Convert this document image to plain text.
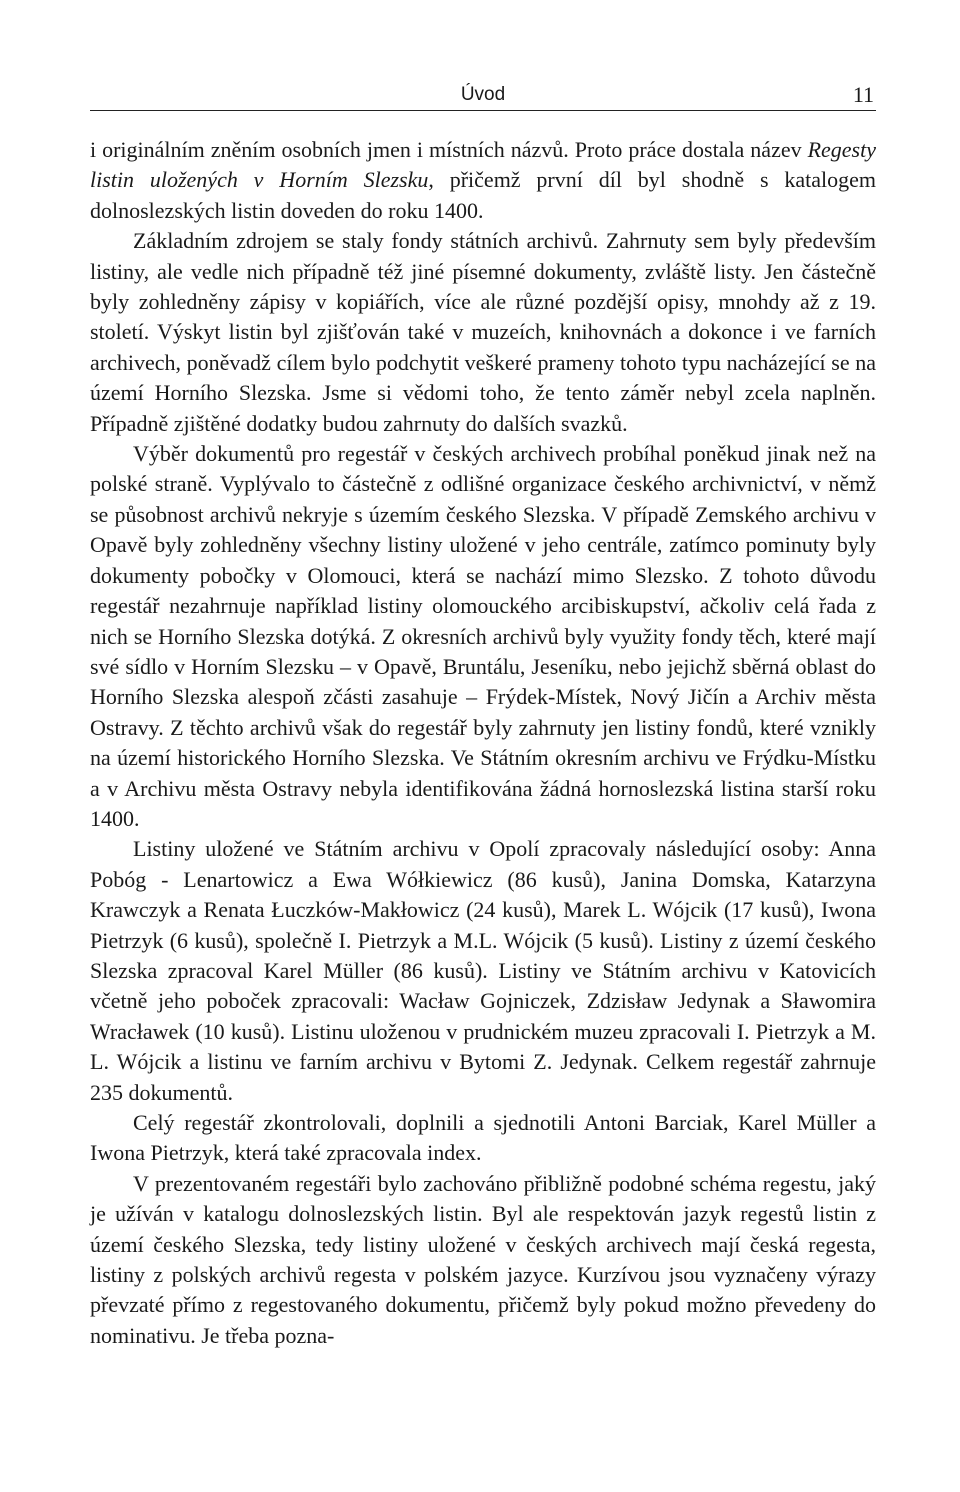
Úvod	11

i originálním zněním osobních jmen i místních názvů. Proto práce dostala název Regesty listin uložených v Horním Slezsku, přičemž první díl byl shodně s katalogem dolnoslezských listin doveden do roku 1400.

Základním zdrojem se staly fondy státních archivů. Zahrnuty sem byly především listiny, ale vedle nich případně též jiné písemné dokumenty, zvláště listy. Jen částečně byly zohledněny zápisy v kopiářích, více ale různé pozdější opisy, mnohdy až z 19. století. Výskyt listin byl zjišťován také v muzeích, knihovnách a dokonce i ve farních archivech, poněvadž cílem bylo podchytit veškeré prameny tohoto typu nacházející se na území Horního Slezska. Jsme si vědomi toho, že tento záměr nebyl zcela naplněn. Případně zjištěné dodatky budou zahrnuty do dalších svazků.

Výběr dokumentů pro regestář v českých archivech probíhal poněkud jinak než na polské straně. Vyplývalo to částečně z odlišné organizace českého archivnictví, v němž se působnost archivů nekryje s územím českého Slezska. V případě Zemského archivu v Opavě byly zohledněny všechny listiny uložené v jeho centrále, zatímco pominuty byly dokumenty pobočky v Olomouci, která se nachází mimo Slezsko. Z tohoto důvodu regestář nezahrnuje například listiny olomouckého arcibiskupství, ačkoliv celá řada z nich se Horního Slezska dotýká. Z okresních archivů byly využity fondy těch, které mají své sídlo v Horním Slezsku – v Opavě, Bruntálu, Jeseníku, nebo jejichž sběrná oblast do Horního Slezska alespoň zčásti zasahuje – Frýdek-Místek, Nový Jičín a Archiv města Ostravy. Z těchto archivů však do regestář byly zahrnuty jen listiny fondů, které vznikly na území historického Horního Slezska. Ve Státním okresním archivu ve Frýdku-Místku a v Archivu města Ostravy nebyla identifikována žádná hornoslezská listina starší roku 1400.

Listiny uložené ve Státním archivu v Opolí zpracovaly následující osoby: Anna Pobóg - Lenartowicz a Ewa Wółkiewicz (86 kusů), Janina Domska, Katarzyna Krawczyk a Renata Łuczków-Makłowicz (24 kusů), Marek L. Wójcik (17 kusů), Iwona Pietrzyk (6 kusů), společně I. Pietrzyk a M.L. Wójcik (5 kusů). Listiny z území českého Slezska zpracoval Karel Müller (86 kusů). Listiny ve Státním archivu v Katovicích včetně jeho poboček zpracovali: Wacław Gojniczek, Zdzisław Jedynak a Sławomira Wracławek (10 kusů). Listinu uloženou v prudnickém muzeu zpracovali I. Pietrzyk a M. L. Wójcik a listinu ve farním archivu v Bytomi Z. Jedynak. Celkem regestář zahrnuje 235 dokumentů.

Celý regestář zkontrolovali, doplnili a sjednotili Antoni Barciak, Karel Müller a Iwona Pietrzyk, která také zpracovala index.

V prezentovaném regestáři bylo zachováno přibližně podobné schéma regestu, jaký je užíván v katalogu dolnoslezských listin. Byl ale respektován jazyk regestů listin z území českého Slezska, tedy listiny uložené v českých archivech mají česká regesta, listiny z polských archivů regesta v polském jazyce. Kurzívou jsou vyznačeny výrazy převzaté přímo z regestovaného dokumentu, přičemž byly pokud možno převedeny do nominativu. Je třeba pozna-
